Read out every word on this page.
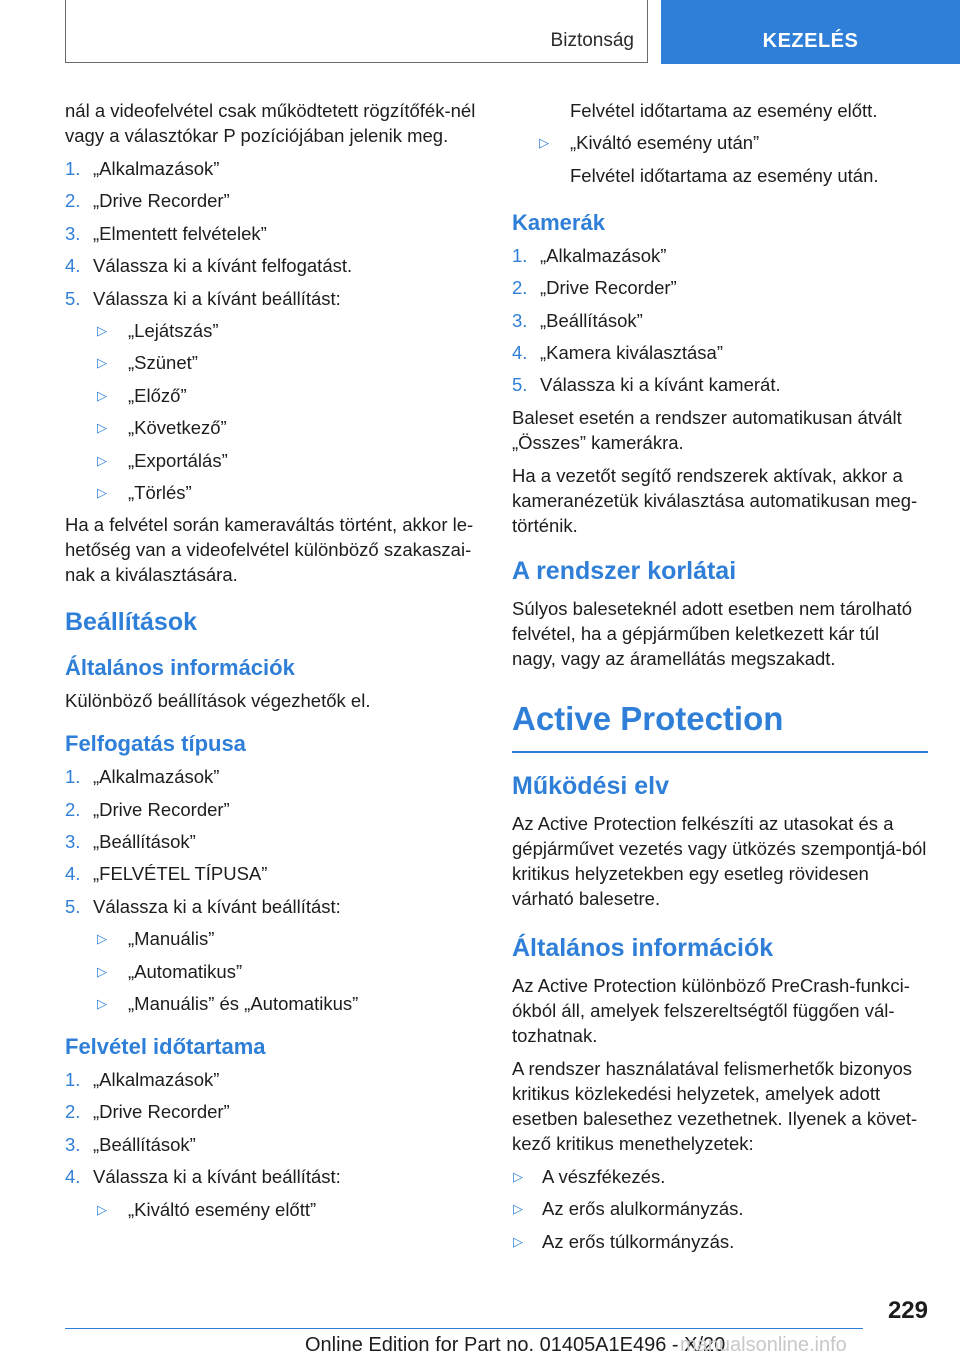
Biztonság	KEZELÉS

nál a videofelvétel csak működtetett rögzítőfék-nél vagy a választókar P pozíciójában jelenik meg.

1. „Alkalmazások”
2. „Drive Recorder”
3. „Elmentett felvételek”
4. Válassza ki a kívánt felfogatást.
5. Válassza ki a kívánt beállítást:
▷ „Lejátszás”
▷ „Szünet”
▷ „Előző”
▷ „Következő”
▷ „Exportálás”
▷ „Törlés”

Ha a felvétel során kameraváltás történt, akkor le-hetőség van a videofelvétel különböző szakaszai-nak a kiválasztására.

Beállítások
Általános információk

Különböző beállítások végezhetők el.

Felfogatás típusa
1. „Alkalmazások”
2. „Drive Recorder”
3. „Beállítások”
4. „FELVÉTEL TÍPUSA”
5. Válassza ki a kívánt beállítást:
▷ „Manuális”
▷ „Automatikus”
▷ „Manuális” és „Automatikus”
Felvétel időtartama
1. „Alkalmazások”
2. „Drive Recorder”
3. „Beállítások”
4. Válassza ki a kívánt beállítást:
▷ „Kiváltó esemény előtt”
Felvétel időtartama az esemény előtt.
▷ „Kiváltó esemény után”
Felvétel időtartama az esemény után.
Kamerák
1. „Alkalmazások”
2. „Drive Recorder”
3. „Beállítások”
4. „Kamera kiválasztása”
5. Válassza ki a kívánt kamerát.

Baleset esetén a rendszer automatikusan átvált „Összes” kamerákra.

Ha a vezetőt segítő rendszerek aktívak, akkor a kameranézetük kiválasztása automatikusan meg-történik.

A rendszer korlátai

Súlyos baleseteknél adott esetben nem tárolható felvétel, ha a gépjárműben keletkezett kár túl nagy, vagy az áramellátás megszakadt.

Active Protection
Működési elv

Az Active Protection felkészíti az utasokat és a gépjárművet vezetés vagy ütközés szempontjá-ból kritikus helyzetekben egy esetleg rövidesen várható balesetre.

Általános információk

Az Active Protection különböző PreCrash-funkci-ókból áll, amelyek felszereltségtől függően vál-tozhatnak.

A rendszer használatával felismerhetők bizonyos kritikus közlekedési helyzetek, amelyek adott esetben balesethez vezethetnek. Ilyenek a követ-kező kritikus menethelyzetek:

▷ A vészfékezés.
▷ Az erős alulkormányzás.
▷ Az erős túlkormányzás.
229
Online Edition for Part no. 01405A1E496 - X/20
manualsonline.info
